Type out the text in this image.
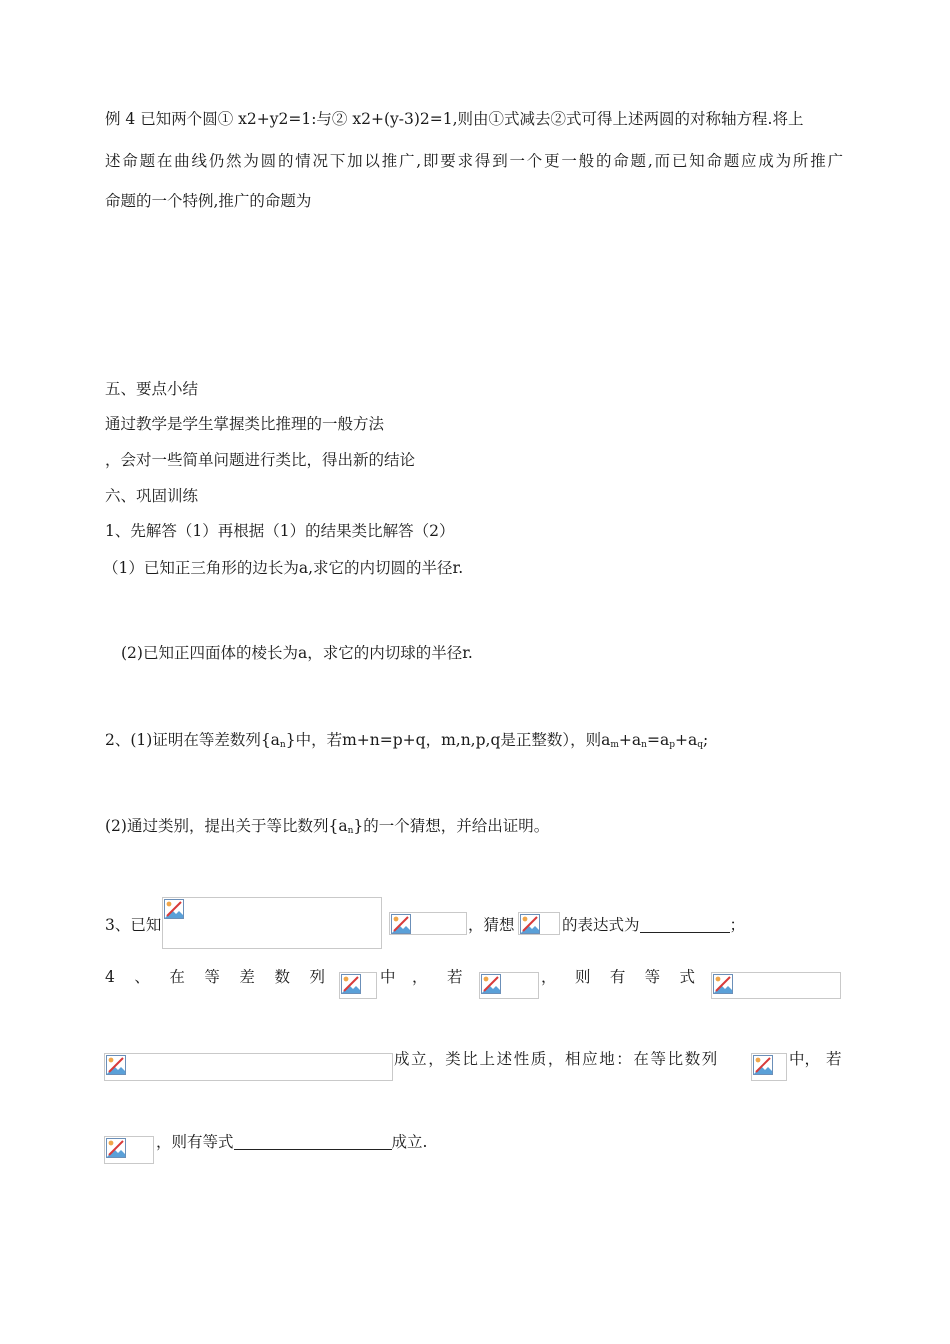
例 4 已知两个圆① x2+y2=1:与② x2+(y-3)2=1,则由①式减去②式可得上述两圆的对称轴方程.将上
述命题在曲线仍然为圆的情况下加以推广,即要求得到一个更一般的命题,而已知命题应成为所推广
命题的一个特例,推广的命题为
五、要点小结
通过教学是学生掌握类比推理的一般方法
，会对一些简单问题进行类比，得出新的结论
六、巩固训练
1、先解答（1）再根据（1）的结果类比解答（2）
（1）已知正三角形的边长为a,求它的内切圆的半径r.
(2)已知正四面体的棱长为a，求它的内切球的半径r.
2、(1)证明在等差数列$\{a_n\}$中，若m+n=p+q，m,n,p,q是正整数），则$a_m+a_n=a_p+a_q$;
(2)通过类别，提出关于等比数列$\{a_n\}$的一个猜想，并给出证明。
3、已知	，猜想	的表达式为	；
4 、 在 等 差 数 列	中 ， 若	， 则 有 等 式
成立，类比上述性质，相应地：在等比数列	中， 若
，则有等式	成立.
